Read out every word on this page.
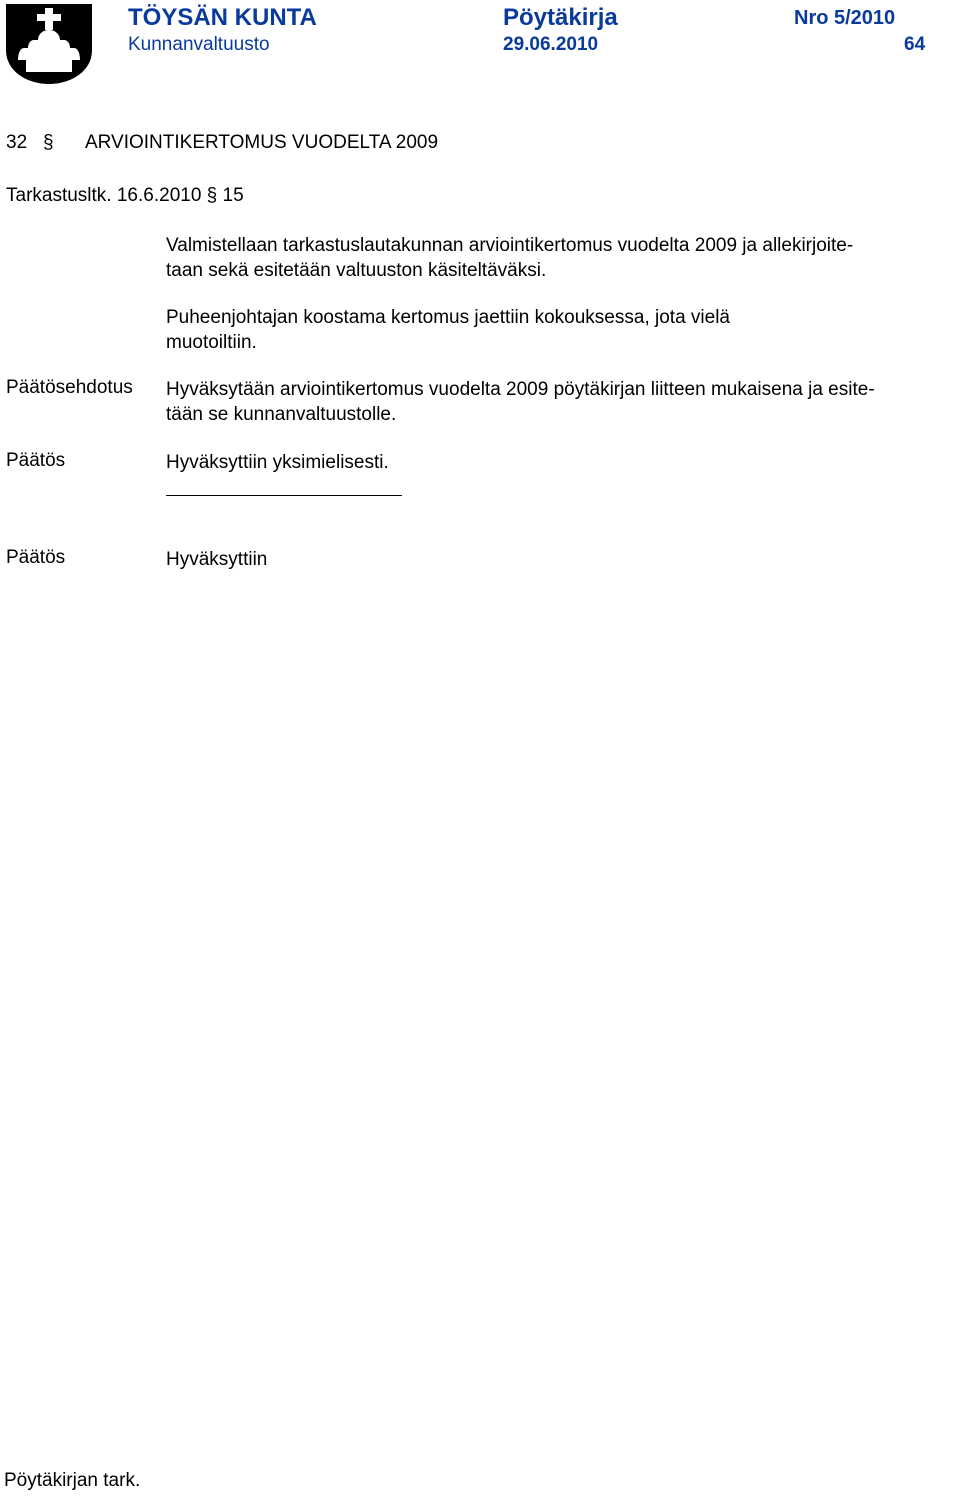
TÖYSÄN KUNTA	Pöytäkirja	Nro 5/2010
Kunnanvaltuusto	29.06.2010	64
32 § ARVIOINTIKERTOMUS VUODELTA 2009
Tarkastusltk. 16.6.2010 § 15
Valmistellaan tarkastuslautakunnan arviointikertomus vuodelta 2009 ja allekirjoite-
taan sekä esitetään valtuuston käsiteltäväksi.
Puheenjohtajan koostama kertomus jaettiin kokouksessa, jota vielä
muotoiltiin.
Päätösehdotus Hyväksytään arviointikertomus vuodelta 2009 pöytäkirjan liitteen mukaisena ja esite-
tään se kunnanvaltuustolle.
Päätös	Hyväksyttiin yksimielisesti.
Päätös	Hyväksyttiin
Pöytäkirjan tark.
